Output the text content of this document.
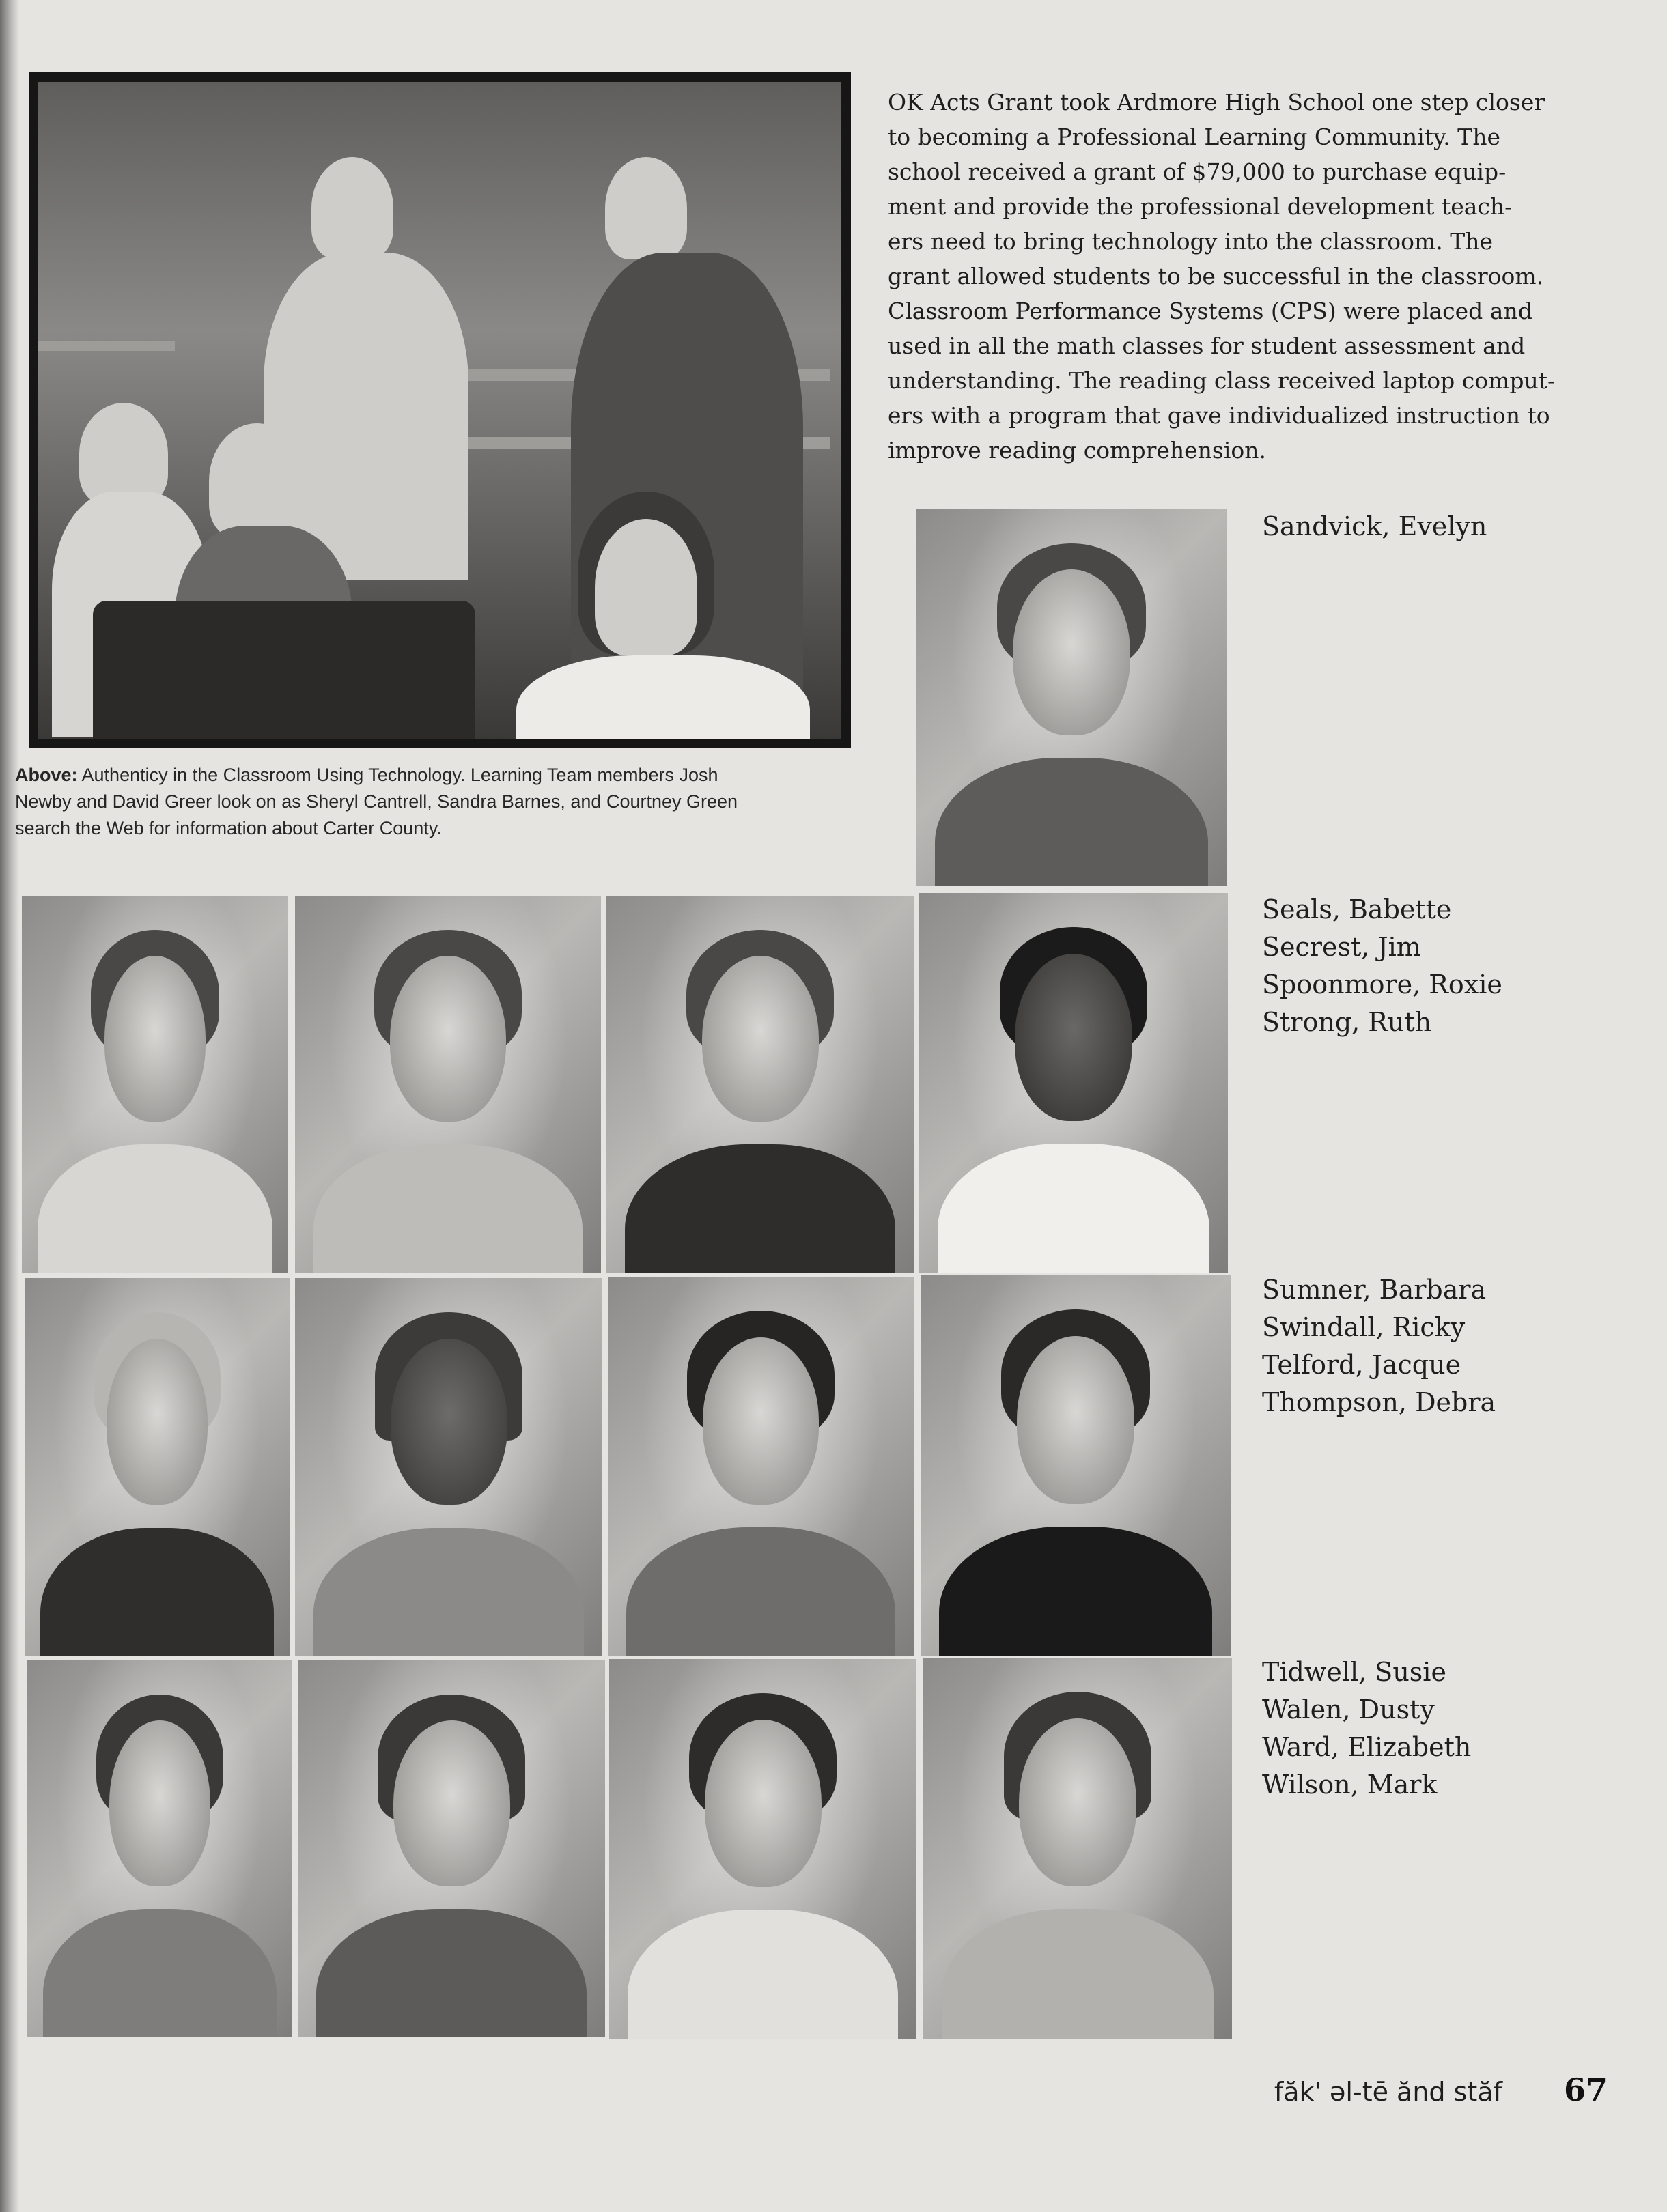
Above: Authenticy in the Classroom Using Technology. Learning Team members Josh
Newby and David Greer look on as Sheryl Cantrell, Sandra Barnes, and Courtney Green
search the Web for information about Carter County.
OK Acts Grant took Ardmore High School one step closer
to becoming a Professional Learning Community. The
school received a grant of $79,000 to purchase equip-
ment and provide the professional development teach-
ers need to bring technology into the classroom. The
grant allowed students to be successful in the classroom.
Classroom Performance Systems (CPS) were placed and
used in all the math classes for student assessment and
understanding. The reading class received laptop comput-
ers with a program that gave individualized instruction to
improve reading comprehension.
Sandvick, Evelyn
Seals, Babette
Secrest, Jim
Spoonmore, Roxie
Strong, Ruth
Sumner, Barbara
Swindall, Ricky
Telford, Jacque
Thompson, Debra
Tidwell, Susie
Walen, Dusty
Ward, Elizabeth
Wilson, Mark
făk' əl-tē ănd stăf 67
